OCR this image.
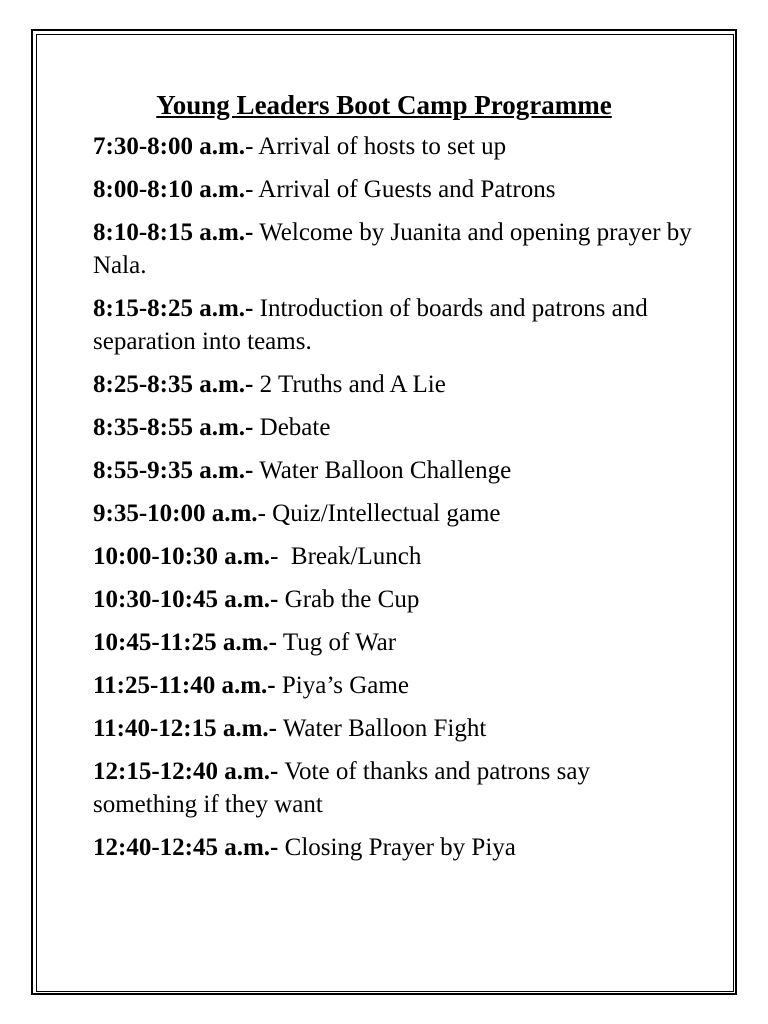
Young Leaders Boot Camp Programme
7:30-8:00 a.m.- Arrival of hosts to set up
8:00-8:10 a.m.- Arrival of Guests and Patrons
8:10-8:15 a.m.- Welcome by Juanita and opening prayer by Nala.
8:15-8:25 a.m.- Introduction of boards and patrons and separation into teams.
8:25-8:35 a.m.- 2 Truths and A Lie
8:35-8:55 a.m.- Debate
8:55-9:35 a.m.- Water Balloon Challenge
9:35-10:00 a.m.- Quiz/Intellectual game
10:00-10:30 a.m.-  Break/Lunch
10:30-10:45 a.m.- Grab the Cup
10:45-11:25 a.m.- Tug of War
11:25-11:40 a.m.- Piya’s Game
11:40-12:15 a.m.- Water Balloon Fight
12:15-12:40 a.m.- Vote of thanks and patrons say something if they want
12:40-12:45 a.m.- Closing Prayer by Piya
